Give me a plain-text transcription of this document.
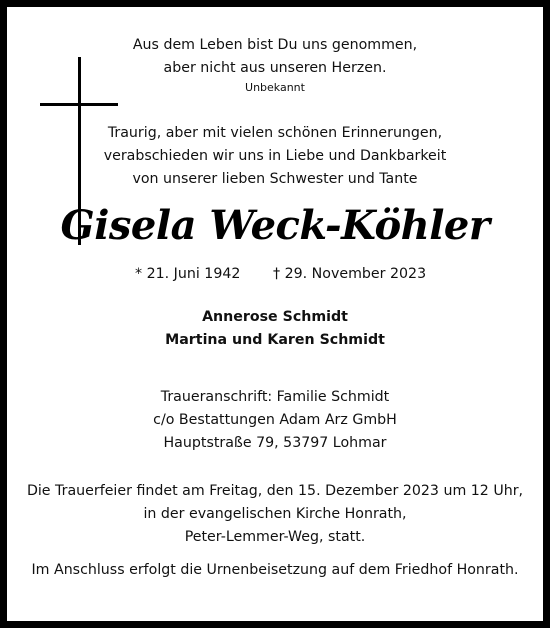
Aus dem Leben bist Du uns genommen,
aber nicht aus unseren Herzen.
Unbekannt
Traurig, aber mit vielen schönen Erinnerungen,
verabschieden wir uns in Liebe und Dankbarkeit
von unserer lieben Schwester und Tante
Gisela Weck-Köhler
* 21. Juni 1942 † 29. November 2023
Annerose Schmidt
Martina und Karen Schmidt
Traueranschrift: Familie Schmidt
c/o Bestattungen Adam Arz GmbH
Hauptstraße 79, 53797 Lohmar
Die Trauerfeier findet am Freitag, den 15. Dezember 2023 um 12 Uhr,
in der evangelischen Kirche Honrath,
Peter-Lemmer-Weg, statt.
Im Anschluss erfolgt die Urnenbeisetzung auf dem Friedhof Honrath.
